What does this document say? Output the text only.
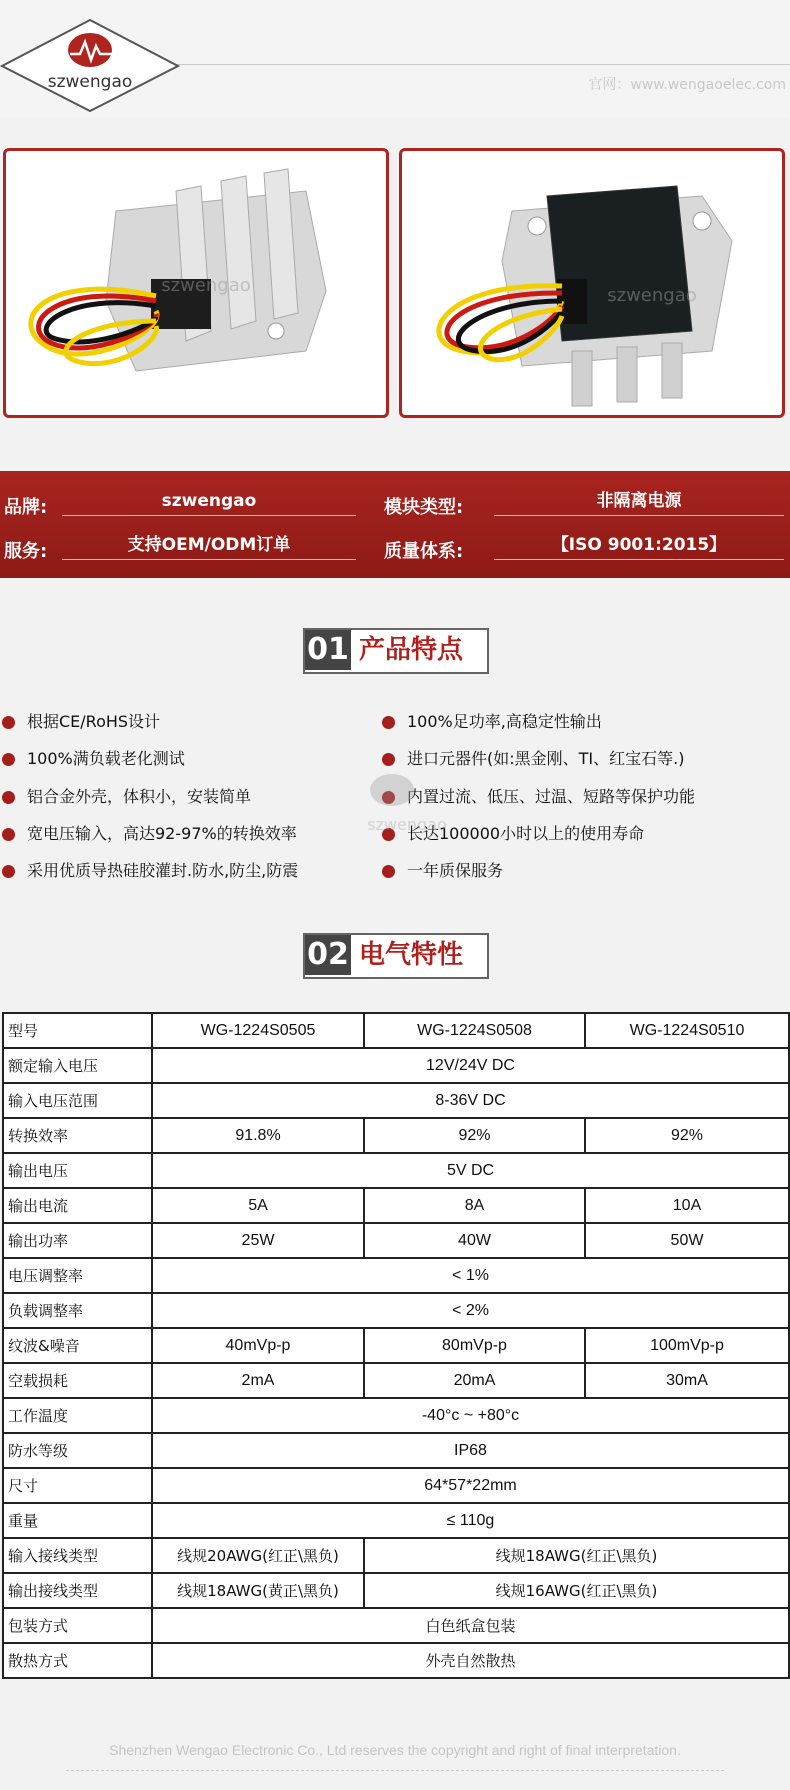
szwengao	官网：www.wengaoelec.com
szwengao	szwengao
品牌:	szwengao	模块类型:	非隔离电源
服务:	支持OEM/ODM订单	质量体系:	【ISO 9001:2015】
01 产品特点
根据CE/RoHS设计
100%满负载老化测试
铝合金外壳，体积小，安装简单
宽电压输入，高达92-97%的转换效率
采用优质导热硅胶灌封.防水,防尘,防震
100%足功率,高稳定性输出
进口元器件(如:黑金刚、TI、红宝石等.)
内置过流、低压、过温、短路等保护功能
长达100000小时以上的使用寿命
一年质保服务
szwengao
02 电气特性
型号	WG-1224S0505	WG-1224S0508	WG-1224S0510
额定输入电压	12V/24V DC		
输入电压范围	8-36V DC		
转换效率	91.8%	92%	92%
输出电压	5V DC		
输出电流	5A	8A	10A
输出功率	25W	40W	50W
电压调整率	< 1%		
负载调整率	< 2%		
纹波&噪音	40mVp-p	80mVp-p	100mVp-p
空载损耗	2mA	20mA	30mA
工作温度	-40°c ~ +80°c		
防水等级	IP68		
尺寸	64*57*22mm		
重量	≤ 110g		
输入接线类型	线规20AWG(红正\黑负)	线规18AWG(红正\黑负)	
输出接线类型	线规18AWG(黄正\黑负)	线规16AWG(红正\黑负)	
包装方式	白色纸盒包装		
散热方式	外壳自然散热		
Shenzhen Wengao Electronic Co., Ltd reserves the copyright and right of final interpretation.
